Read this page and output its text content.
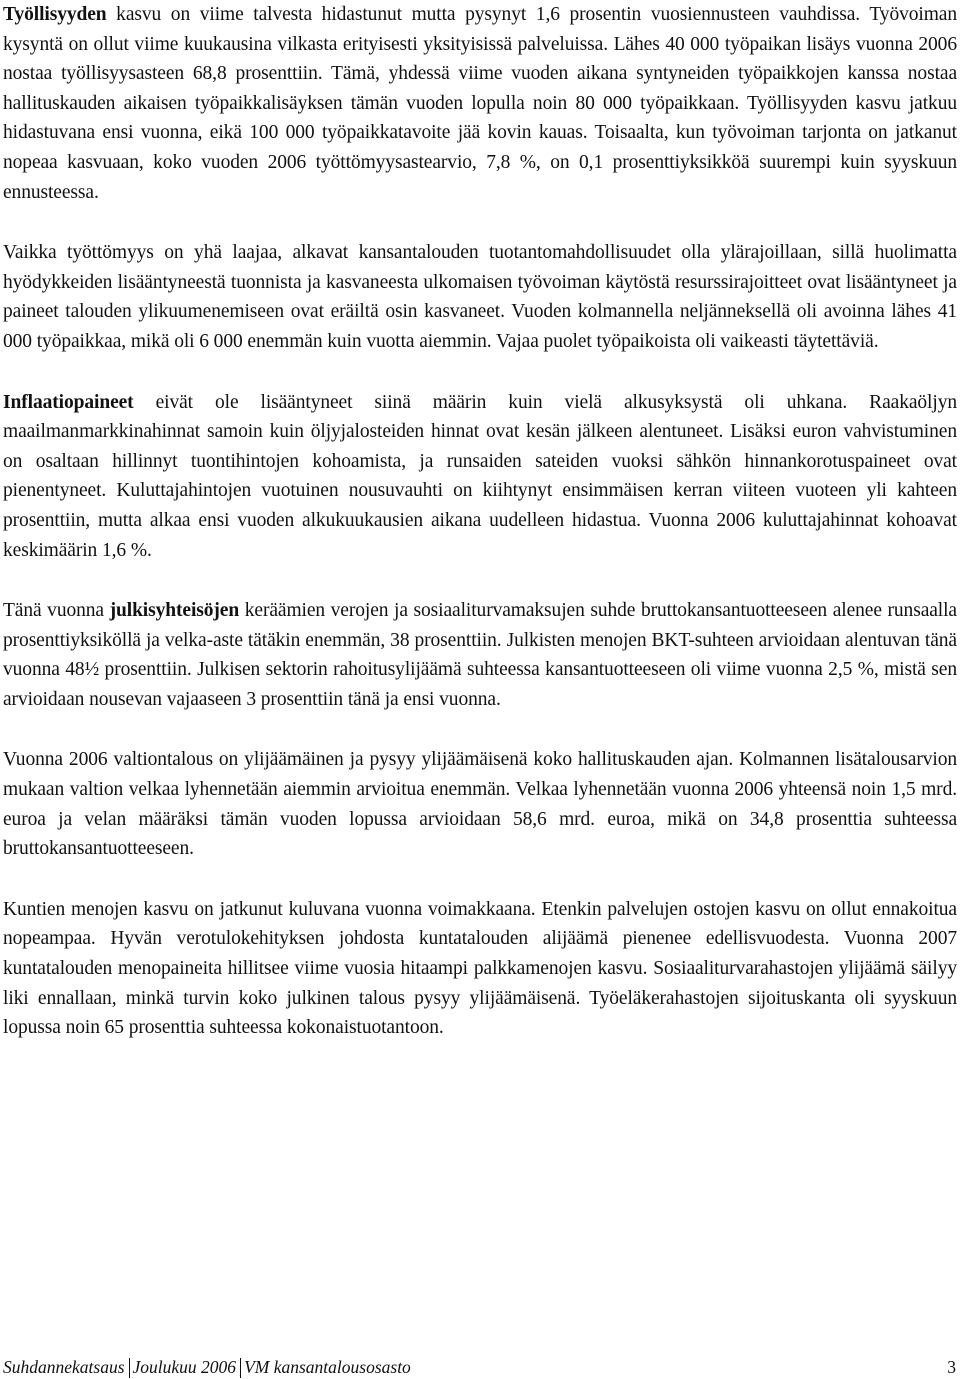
Työllisyyden kasvu on viime talvesta hidastunut mutta pysynyt 1,6 prosentin vuosiennusteen vauhdissa. Työvoiman kysyntä on ollut viime kuukausina vilkasta erityisesti yksityisissä palveluissa. Lähes 40 000 työpaikan lisäys vuonna 2006 nostaa työllisyysasteen 68,8 prosenttiin. Tämä, yhdessä viime vuoden aikana syntyneiden työpaikkojen kanssa nostaa hallituskauden aikaisen työpaikkalisäyksen tämän vuoden lopulla noin 80 000 työpaikkaan. Työllisyyden kasvu jatkuu hidastuvana ensi vuonna, eikä 100 000 työpaikkatavoite jää kovin kauas. Toisaalta, kun työvoiman tarjonta on jatkanut nopeaa kasvuaan, koko vuoden 2006 työttömyysastearvio, 7,8 %, on 0,1 prosenttiyksikköä suurempi kuin syyskuun ennusteessa.

Vaikka työttömyys on yhä laajaa, alkavat kansantalouden tuotantomahdollisuudet olla ylärajoillaan, sillä huolimatta hyödykkeiden lisääntyneestä tuonnista ja kasvaneesta ulkomaisen työvoiman käytöstä resurssirajoitteet ovat lisääntyneet ja paineet talouden ylikuumenemiseen ovat eräiltä osin kasvaneet. Vuoden kolmannella neljänneksellä oli avoinna lähes 41 000 työpaikkaa, mikä oli 6 000 enemmän kuin vuotta aiemmin. Vajaa puolet työpaikoista oli vaikeasti täytettäviä.

Inflaatiopaineet eivät ole lisääntyneet siinä määrin kuin vielä alkusyksystä oli uhkana. Raakaöljyn maailmanmarkkinahinnat samoin kuin öljyjalosteiden hinnat ovat kesän jälkeen alentuneet. Lisäksi euron vahvistuminen on osaltaan hillinnyt tuontihintojen kohoamista, ja runsaiden sateiden vuoksi sähkön hinnankorotuspaineet ovat pienentyneet. Kuluttajahintojen vuotuinen nousuvauhti on kiihtynyt ensimmäisen kerran viiteen vuoteen yli kahteen prosenttiin, mutta alkaa ensi vuoden alkukuukausien aikana uudelleen hidastua. Vuonna 2006 kuluttajahinnat kohoavat keskimäärin 1,6 %.

Tänä vuonna julkisyhteisöjen keräämien verojen ja sosiaaliturvamaksujen suhde bruttokansantuotteeseen alenee runsaalla prosenttiyksiköllä ja velka-aste tätäkin enemmän, 38 prosenttiin. Julkisten menojen BKT-suhteen arvioidaan alentuvan tänä vuonna 48½ prosenttiin. Julkisen sektorin rahoitusylijäämä suhteessa kansantuotteeseen oli viime vuonna 2,5 %, mistä sen arvioidaan nousevan vajaaseen 3 prosenttiin tänä ja ensi vuonna.

Vuonna 2006 valtiontalous on ylijäämäinen ja pysyy ylijäämäisenä koko hallituskauden ajan. Kolmannen lisätalousarvion mukaan valtion velkaa lyhennetään aiemmin arvioitua enemmän. Velkaa lyhennetään vuonna 2006 yhteensä noin 1,5 mrd. euroa ja velan määräksi tämän vuoden lopussa arvioidaan 58,6 mrd. euroa, mikä on 34,8 prosenttia suhteessa bruttokansantuotteeseen.

Kuntien menojen kasvu on jatkunut kuluvana vuonna voimakkaana. Etenkin palvelujen ostojen kasvu on ollut ennakoitua nopeampaa. Hyvän verotulokehityksen johdosta kuntatalouden alijäämä pienenee edellisvuodesta. Vuonna 2007 kuntatalouden menopaineita hillitsee viime vuosia hitaampi palkkamenojen kasvu. Sosiaaliturvarahastojen ylijäämä säilyy liki ennallaan, minkä turvin koko julkinen talous pysyy ylijäämäisenä. Työeläkerahastojen sijoituskanta oli syyskuun lopussa noin 65 prosenttia suhteessa kokonaistuotantoon.

Suhdannekatsaus Joulukuu 2006 VM kansantalousosasto	3
